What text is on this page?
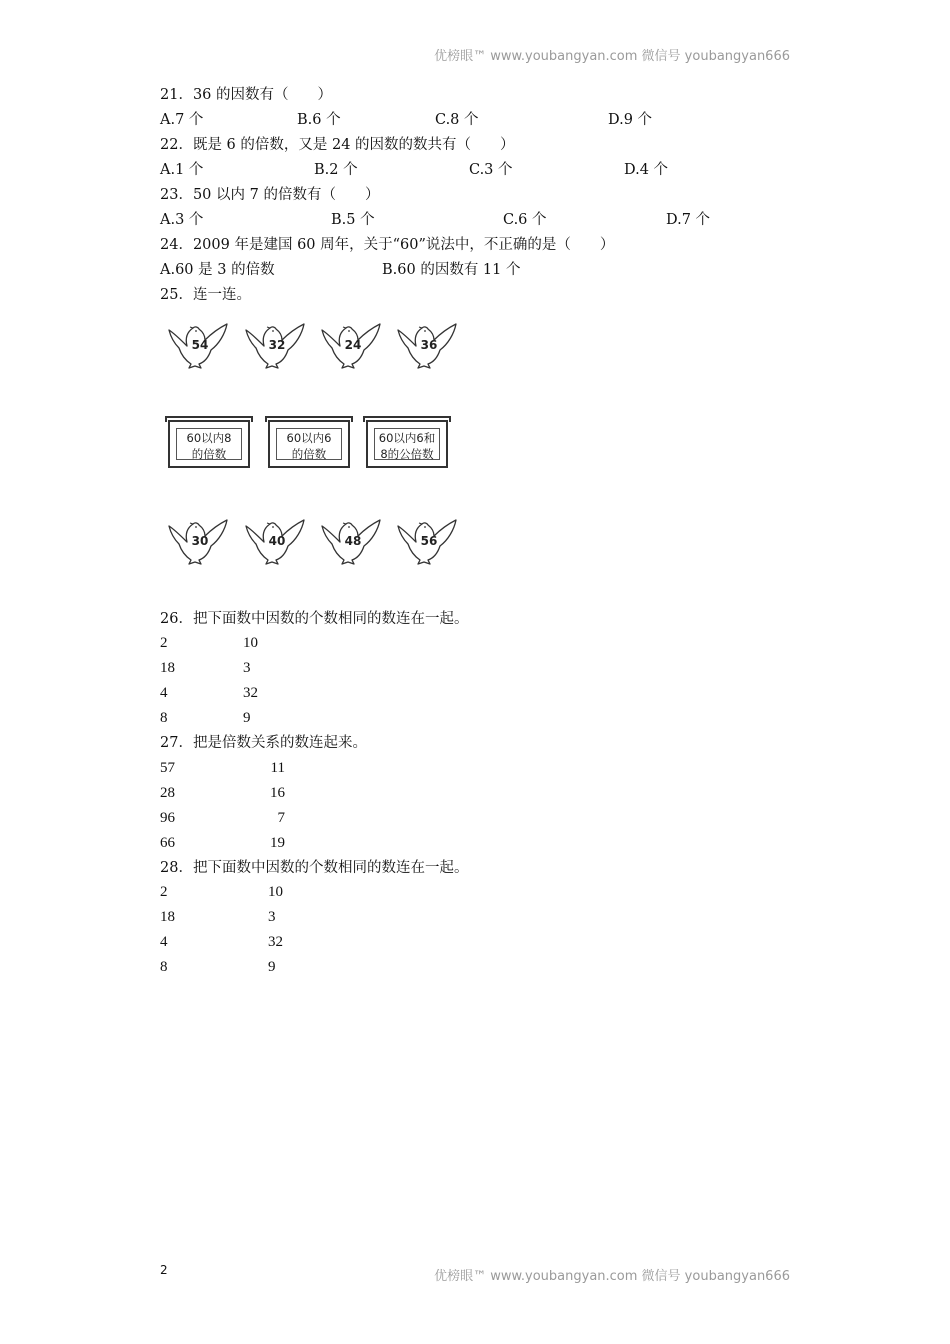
优榜眼™ www.youbangyan.com 微信号 youbangyan666
21．36 的因数有（　　）
A.7 个	B.6 个	C.8 个	D.9 个
22．既是 6 的倍数，又是 24 的因数的数共有（　　）
A.1 个	B.2 个	C.3 个	D.4 个
23．50 以内 7 的倍数有（　　）
A.3 个	B.5 个	C.6 个	D.7 个
24．2009 年是建国 60 周年，关于“60”说法中，不正确的是（　　）
A.60 是 3 的倍数	B.60 的因数有 11 个
25．连一连。
54	32	24	36
60以内8
的倍数
60以内6
的倍数
60以内6和
8的公倍数
30	40	48	56
26．把下面数中因数的个数相同的数连在一起。
2	10
18	3
4	32
8	9
27．把是倍数关系的数连起来。
57	11
28	16
96	7
66	19
28．把下面数中因数的个数相同的数连在一起。
2	10
18	3
4	32
8	9
2	优榜眼™ www.youbangyan.com 微信号 youbangyan666
